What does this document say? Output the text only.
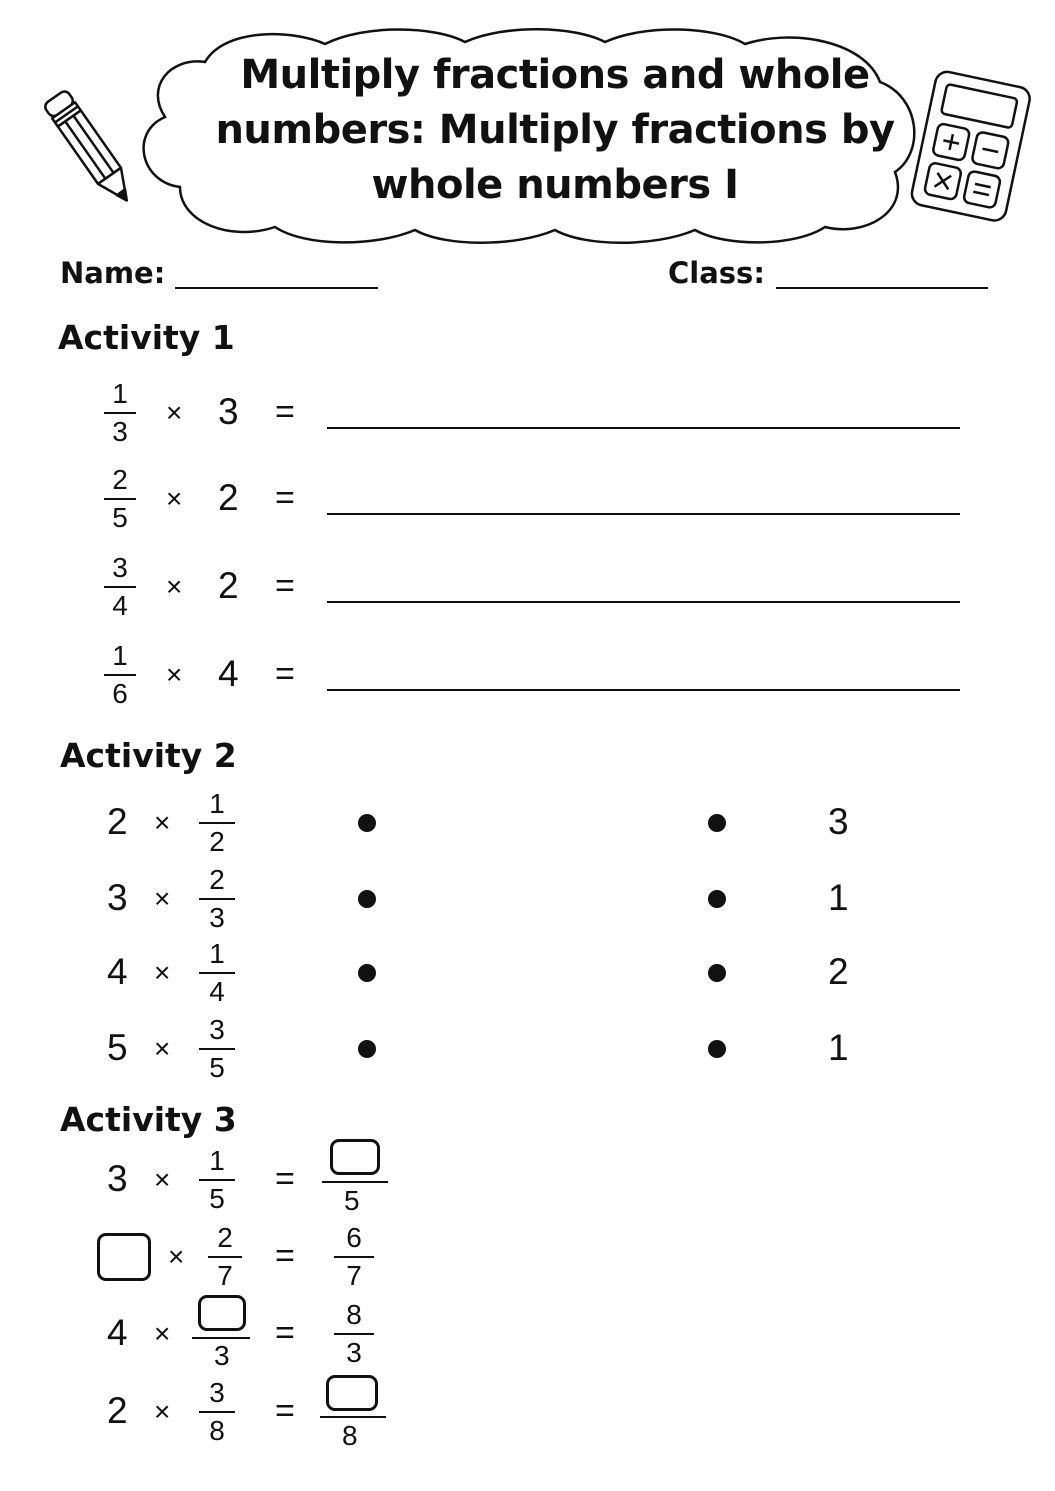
Multiply fractions and whole numbers: Multiply fractions by whole numbers I
Name:	Class:
Activity 1
1
3
× 3 =
2
5
× 2 =
3
4
× 2 =
1
6
× 4 =
Activity 2
2 ×
1
2	3
3 ×
2
3	1
4 ×
1
4	2
5 ×
3
5	1
Activity 3
3 ×
1
5
=
5
×
2
7
= 6
7
4 ×
3
= 8
3
2 ×
3
8
=
8
